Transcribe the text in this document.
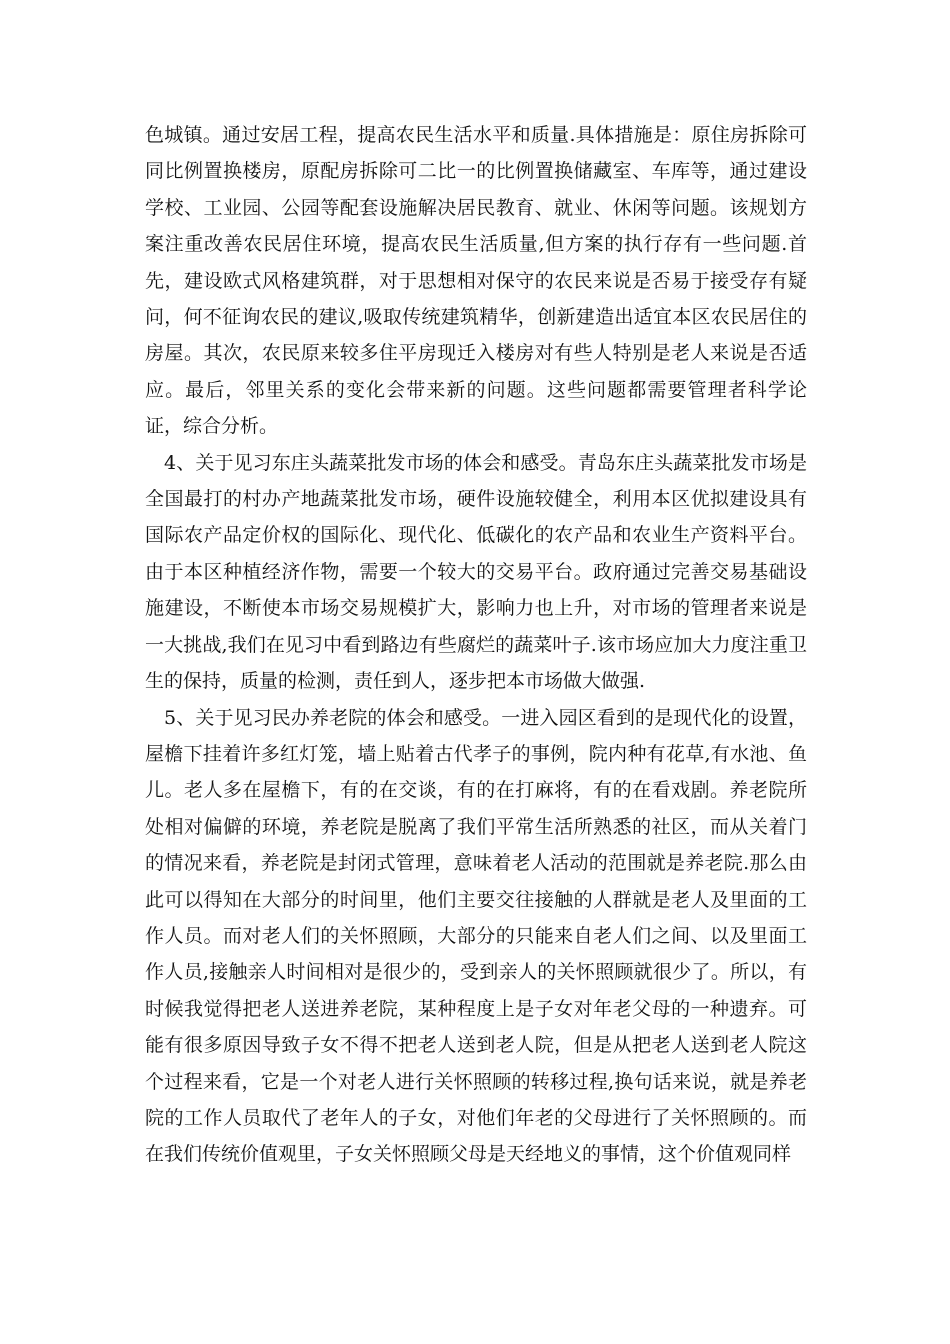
色城镇。通过安居工程，提高农民生活水平和质量.具体措施是：原住房拆除可同比例置换楼房，原配房拆除可二比一的比例置换储藏室、车库等，通过建设学校、工业园、公园等配套设施解决居民教育、就业、休闲等问题。该规划方案注重改善农民居住环境，提高农民生活质量,但方案的执行存有一些问题.首先，建设欧式风格建筑群，对于思想相对保守的农民来说是否易于接受存有疑问，何不征询农民的建议,吸取传统建筑精华，创新建造出适宜本区农民居住的房屋。其次，农民原来较多住平房现迁入楼房对有些人特别是老人来说是否适应。最后，邻里关系的变化会带来新的问题。这些问题都需要管理者科学论证，综合分析。

4、关于见习东庄头蔬菜批发市场的体会和感受。青岛东庄头蔬菜批发市场是全国最打的村办产地蔬菜批发市场，硬件设施较健全，利用本区优拟建设具有国际农产品定价权的国际化、现代化、低碳化的农产品和农业生产资料平台。由于本区种植经济作物，需要一个较大的交易平台。政府通过完善交易基础设施建设，不断使本市场交易规模扩大，影响力也上升，对市场的管理者来说是一大挑战,我们在见习中看到路边有些腐烂的蔬菜叶子.该市场应加大力度注重卫生的保持，质量的检测，责任到人，逐步把本市场做大做强.

5、关于见习民办养老院的体会和感受。一进入园区看到的是现代化的设置，屋檐下挂着许多红灯笼，墙上贴着古代孝子的事例，院内种有花草,有水池、鱼儿。老人多在屋檐下，有的在交谈，有的在打麻将，有的在看戏剧。养老院所处相对偏僻的环境，养老院是脱离了我们平常生活所熟悉的社区，而从关着门的情况来看，养老院是封闭式管理，意味着老人活动的范围就是养老院.那么由此可以得知在大部分的时间里，他们主要交往接触的人群就是老人及里面的工作人员。而对老人们的关怀照顾，大部分的只能来自老人们之间、以及里面工作人员,接触亲人时间相对是很少的，受到亲人的关怀照顾就很少了。所以，有时候我觉得把老人送进养老院，某种程度上是子女对年老父母的一种遗弃。可能有很多原因导致子女不得不把老人送到老人院，但是从把老人送到老人院这个过程来看，它是一个对老人进行关怀照顾的转移过程,换句话来说，就是养老院的工作人员取代了老年人的子女，对他们年老的父母进行了关怀照顾的。而在我们传统价值观里，子女关怀照顾父母是天经地义的事情，这个价值观同样
